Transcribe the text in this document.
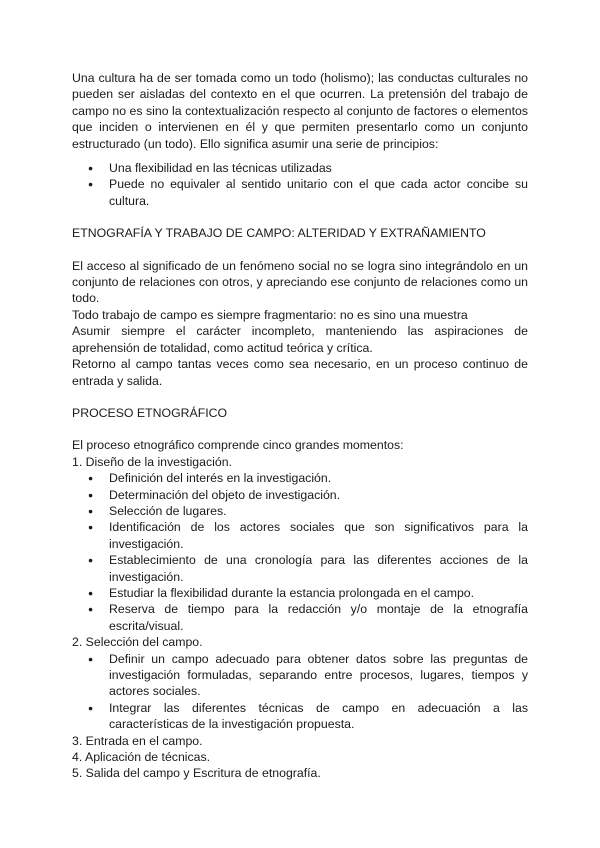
Una cultura ha de ser tomada como un todo (holismo); las conductas culturales no pueden ser aisladas del contexto en el que ocurren. La pretensión del trabajo de campo no es sino la contextualización respecto al conjunto de factores o elementos que inciden o intervienen en él y que permiten presentarlo como un conjunto estructurado (un todo). Ello significa asumir una serie de principios:

● Una flexibilidad en las técnicas utilizadas
● Puede no equivaler al sentido unitario con el que cada actor concibe su cultura.

ETNOGRAFÍA Y TRABAJO DE CAMPO: ALTERIDAD Y EXTRAÑAMIENTO

El acceso al significado de un fenómeno social no se logra sino integrándolo en un conjunto de relaciones con otros, y apreciando ese conjunto de relaciones como un todo.

Todo trabajo de campo es siempre fragmentario: no es sino una muestra

Asumir siempre el carácter incompleto, manteniendo las aspiraciones de aprehensión de totalidad, como actitud teórica y crítica.

Retorno al campo tantas veces como sea necesario, en un proceso continuo de entrada y salida.

PROCESO ETNOGRÁFICO

El proceso etnográfico comprende cinco grandes momentos:

1. Diseño de la investigación.

● Definición del interés en la investigación.
● Determinación del objeto de investigación.
● Selección de lugares.
● Identificación de los actores sociales que son significativos para la investigación.
● Establecimiento de una cronología para las diferentes acciones de la investigación.
● Estudiar la flexibilidad durante la estancia prolongada en el campo.
● Reserva de tiempo para la redacción y/o montaje de la etnografía escrita/visual.

2. Selección del campo.

● Definir un campo adecuado para obtener datos sobre las preguntas de investigación formuladas, separando entre procesos, lugares, tiempos y actores sociales.
● Integrar las diferentes técnicas de campo en adecuación a las características de la investigación propuesta.

3. Entrada en el campo.

4. Aplicación de técnicas.

5. Salida del campo y Escritura de etnografía.
